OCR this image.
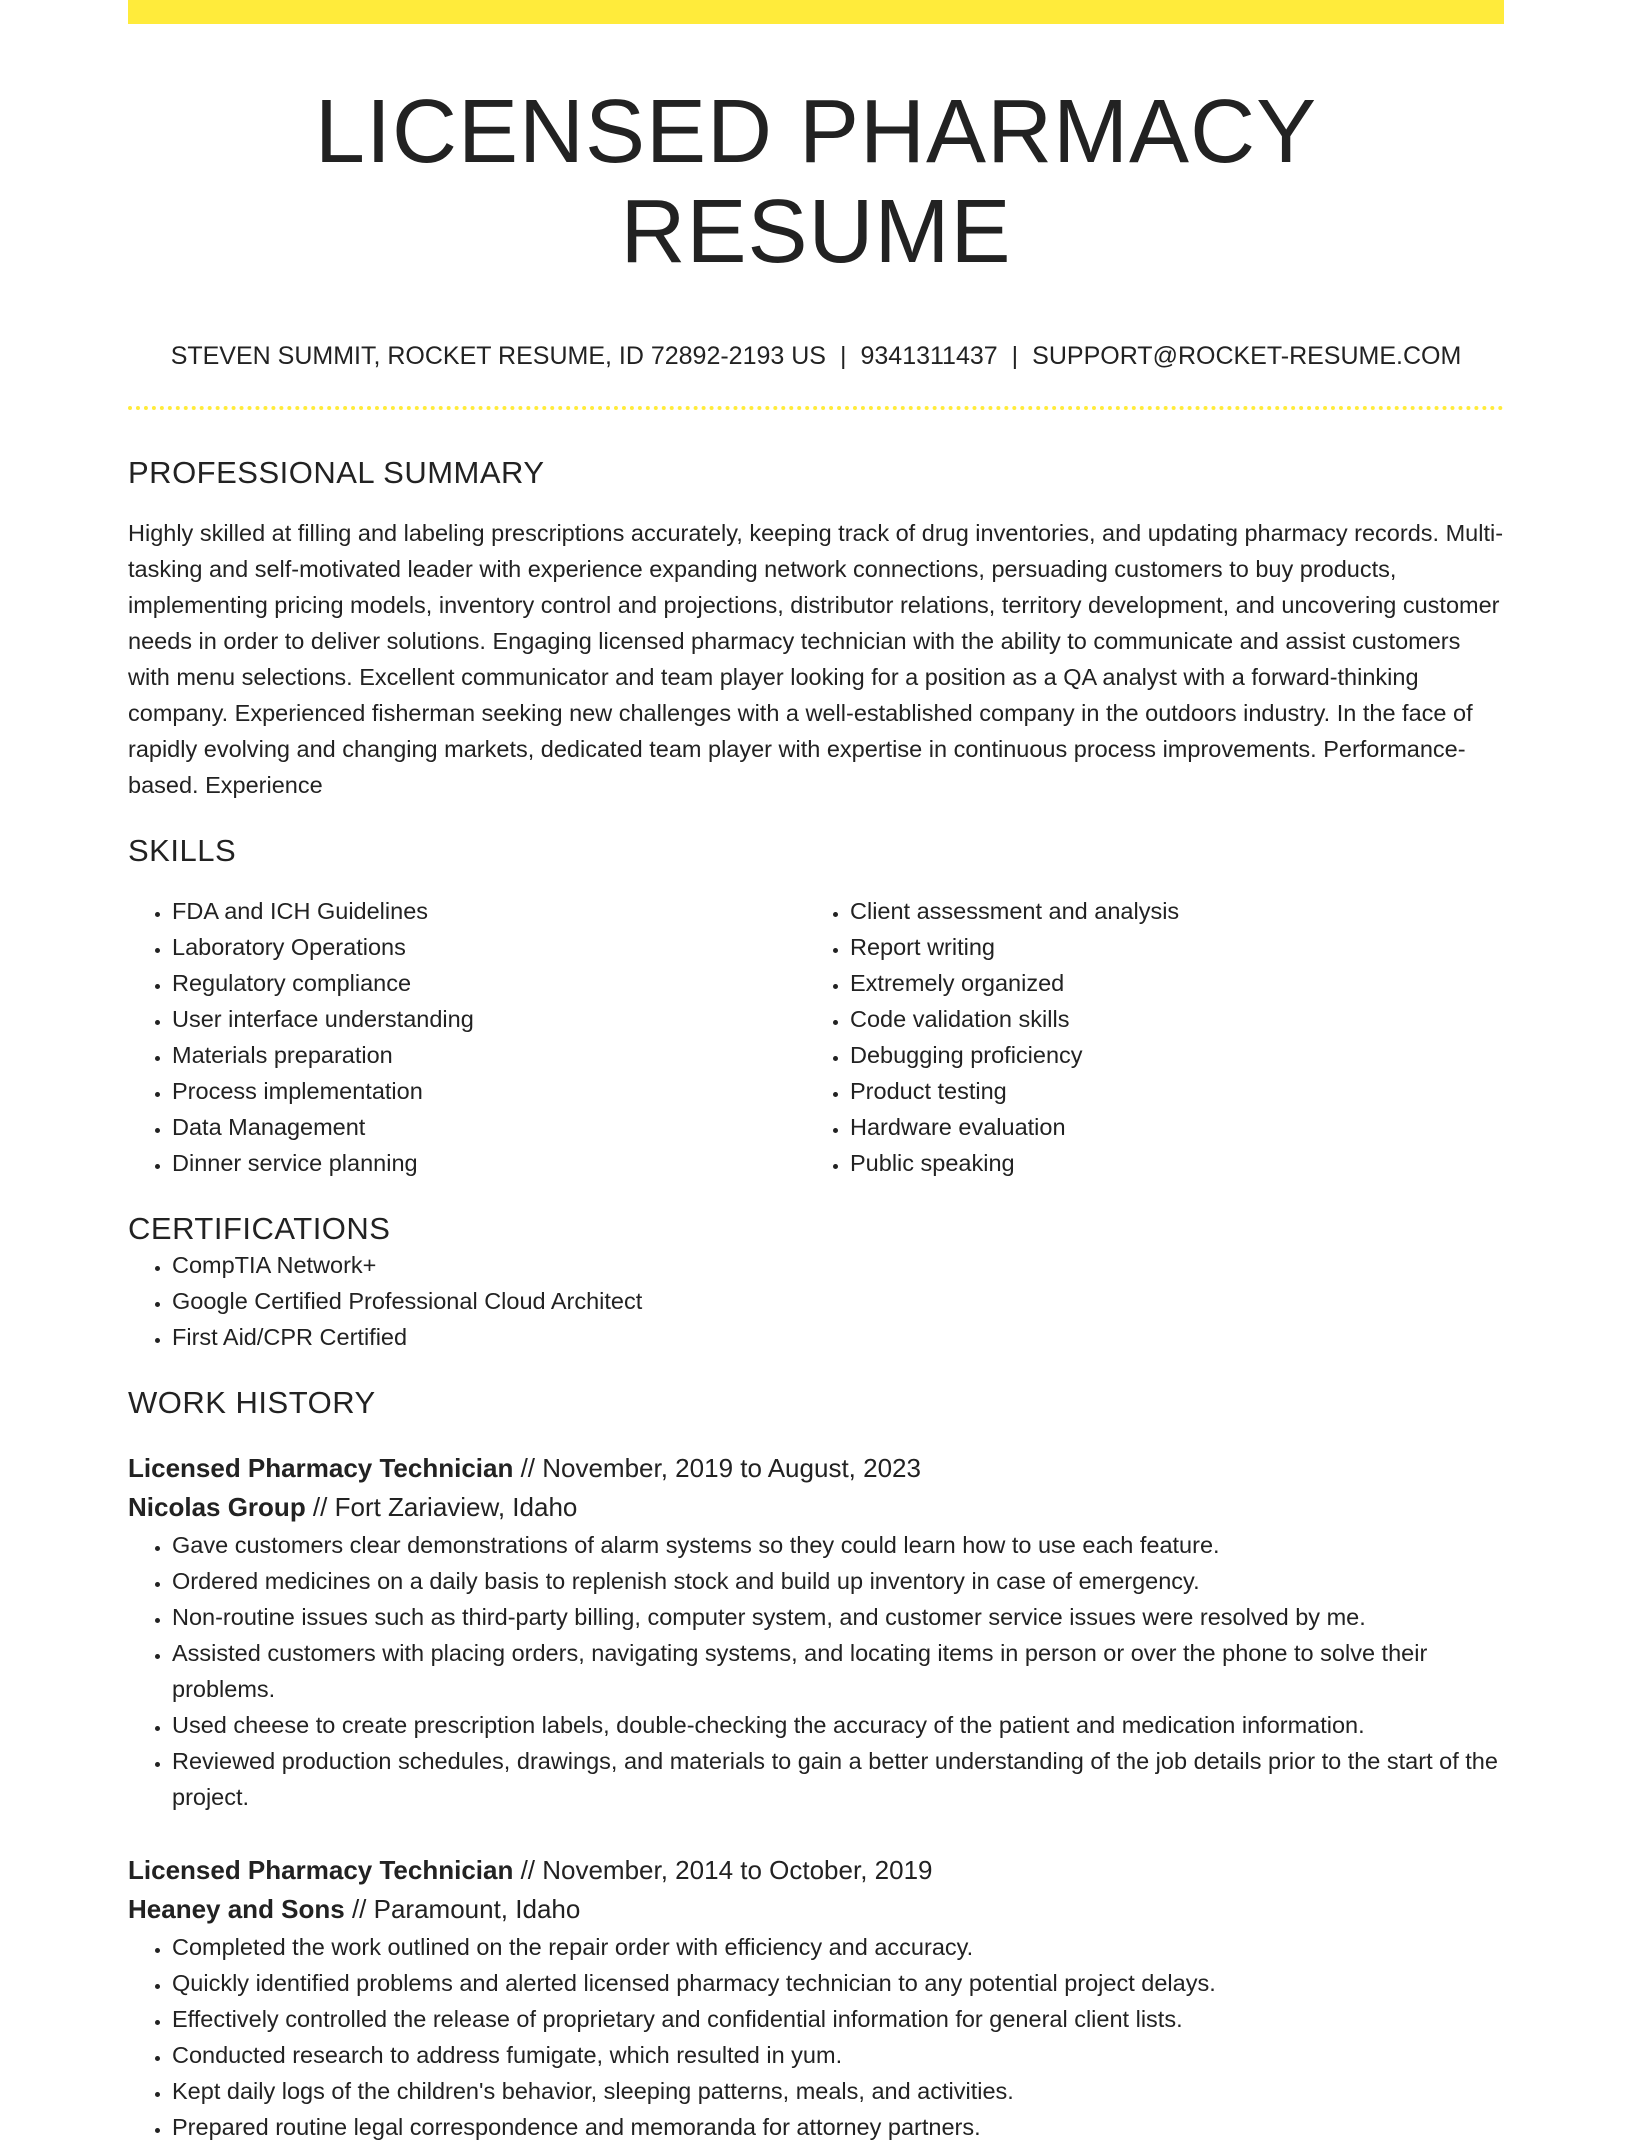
LICENSED PHARMACY RESUME
STEVEN SUMMIT, ROCKET RESUME, ID 72892-2193 US | 9341311437 | SUPPORT@ROCKET-RESUME.COM
PROFESSIONAL SUMMARY
Highly skilled at filling and labeling prescriptions accurately, keeping track of drug inventories, and updating pharmacy records. Multi-tasking and self-motivated leader with experience expanding network connections, persuading customers to buy products, implementing pricing models, inventory control and projections, distributor relations, territory development, and uncovering customer needs in order to deliver solutions. Engaging licensed pharmacy technician with the ability to communicate and assist customers with menu selections. Excellent communicator and team player looking for a position as a QA analyst with a forward-thinking company. Experienced fisherman seeking new challenges with a well-established company in the outdoors industry. In the face of rapidly evolving and changing markets, dedicated team player with expertise in continuous process improvements. Performance-based. Experience
SKILLS
• FDA and ICH Guidelines
• Laboratory Operations
• Regulatory compliance
• User interface understanding
• Materials preparation
• Process implementation
• Data Management
• Dinner service planning
• Client assessment and analysis
• Report writing
• Extremely organized
• Code validation skills
• Debugging proficiency
• Product testing
• Hardware evaluation
• Public speaking
CERTIFICATIONS
• CompTIA Network+
• Google Certified Professional Cloud Architect
• First Aid/CPR Certified
WORK HISTORY
Licensed Pharmacy Technician // November, 2019 to August, 2023
Nicolas Group // Fort Zariaview, Idaho
• Gave customers clear demonstrations of alarm systems so they could learn how to use each feature.
• Ordered medicines on a daily basis to replenish stock and build up inventory in case of emergency.
• Non-routine issues such as third-party billing, computer system, and customer service issues were resolved by me.
• Assisted customers with placing orders, navigating systems, and locating items in person or over the phone to solve their problems.
• Used cheese to create prescription labels, double-checking the accuracy of the patient and medication information.
• Reviewed production schedules, drawings, and materials to gain a better understanding of the job details prior to the start of the project.
Licensed Pharmacy Technician // November, 2014 to October, 2019
Heaney and Sons // Paramount, Idaho
• Completed the work outlined on the repair order with efficiency and accuracy.
• Quickly identified problems and alerted licensed pharmacy technician to any potential project delays.
• Effectively controlled the release of proprietary and confidential information for general client lists.
• Conducted research to address fumigate, which resulted in yum.
• Kept daily logs of the children's behavior, sleeping patterns, meals, and activities.
• Prepared routine legal correspondence and memoranda for attorney partners.
